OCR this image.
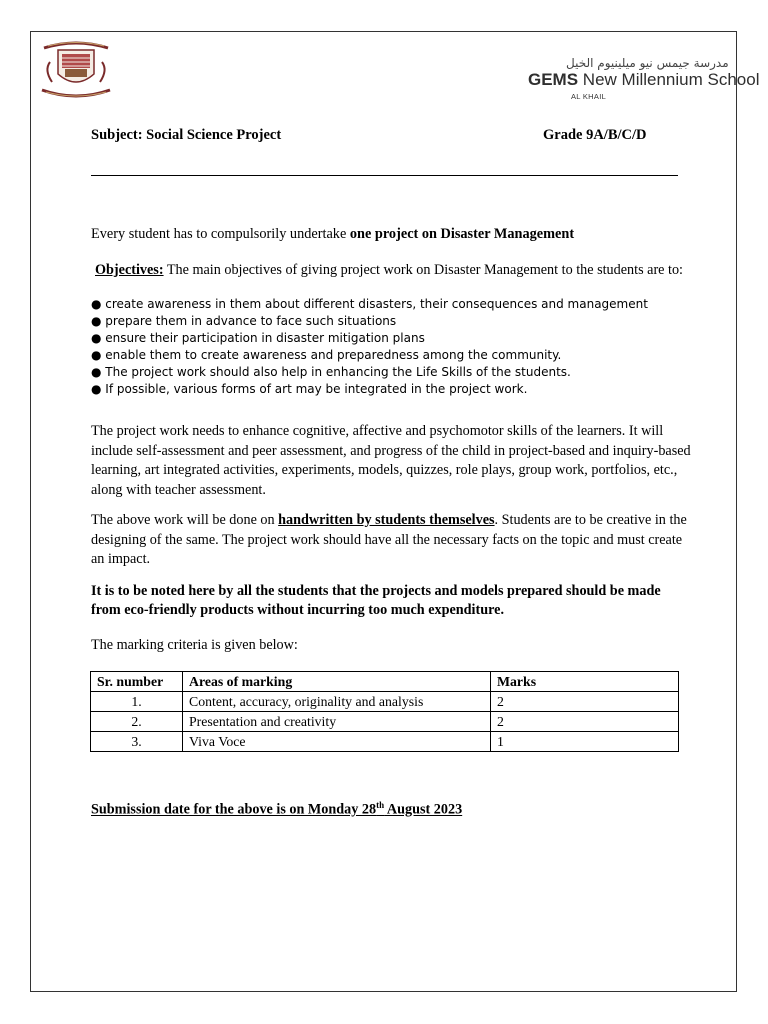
مدرسة جيمس نيو ميلينيوم الخيل
GEMS New Millennium School
AL KHAIL
Subject: Social Science Project	Grade 9A/B/C/D
Every student has to compulsorily undertake one project on Disaster Management
Objectives: The main objectives of giving project work on Disaster Management to the students are to:
● create awareness in them about different disasters, their consequences and management
● prepare them in advance to face such situations
● ensure their participation in disaster mitigation plans
● enable them to create awareness and preparedness among the community.
● The project work should also help in enhancing the Life Skills of the students.
● If possible, various forms of art may be integrated in the project work.
The project work needs to enhance cognitive, affective and psychomotor skills of the learners. It will include self-assessment and peer assessment, and progress of the child in project-based and inquiry-based learning, art integrated activities, experiments, models, quizzes, role plays, group work, portfolios, etc., along with teacher assessment.
The above work will be done on handwritten by students themselves. Students are to be creative in the designing of the same. The project work should have all the necessary facts on the topic and must create an impact.
It is to be noted here by all the students that the projects and models prepared should be made from eco-friendly products without incurring too much expenditure.
The marking criteria is given below:
Sr. number	Areas of marking	Marks
1.	Content, accuracy, originality and analysis	2
2.	Presentation and creativity	2
3.	Viva Voce	1
Submission date for the above is on Monday 28th August 2023
